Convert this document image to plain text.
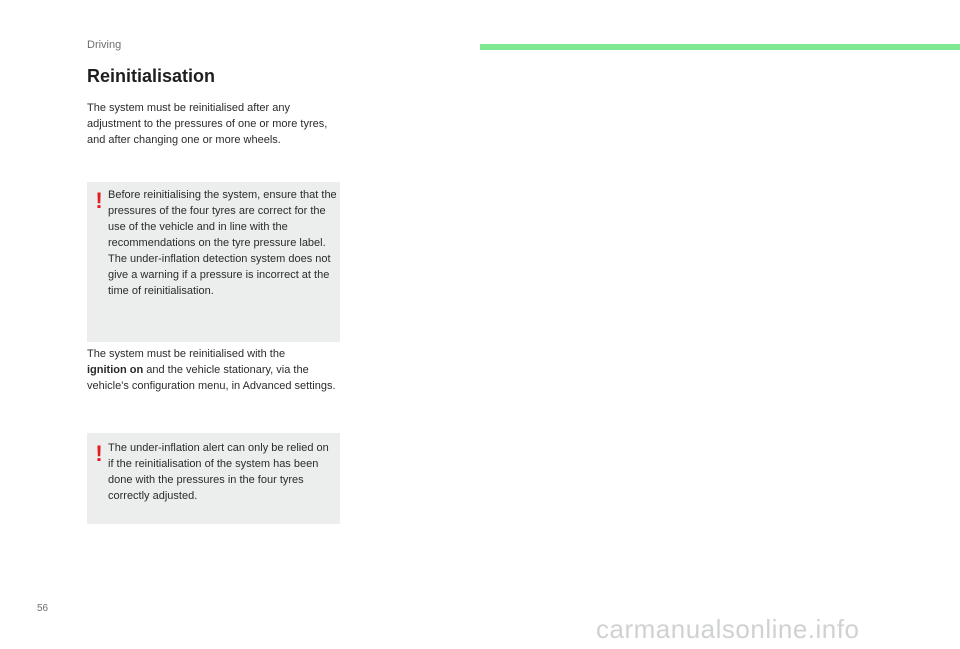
Driving
Reinitialisation

The system must be reinitialised after any adjustment to the pressures of one or more tyres, and after changing one or more wheels.

! Before reinitialising the system, ensure that the pressures of the four tyres are correct for the use of the vehicle and in line with the recommendations on the tyre pressure label.

The under-inflation detection system does not give a warning if a pressure is incorrect at the time of reinitialisation.

The system must be reinitialised with the
ignition on and the vehicle stationary, via the vehicle's configuration menu, in Advanced settings.

! The under-inflation alert can only be relied on if the reinitialisation of the system has been done with the pressures in the four tyres correctly adjusted.
56
carmanualsonline.info
